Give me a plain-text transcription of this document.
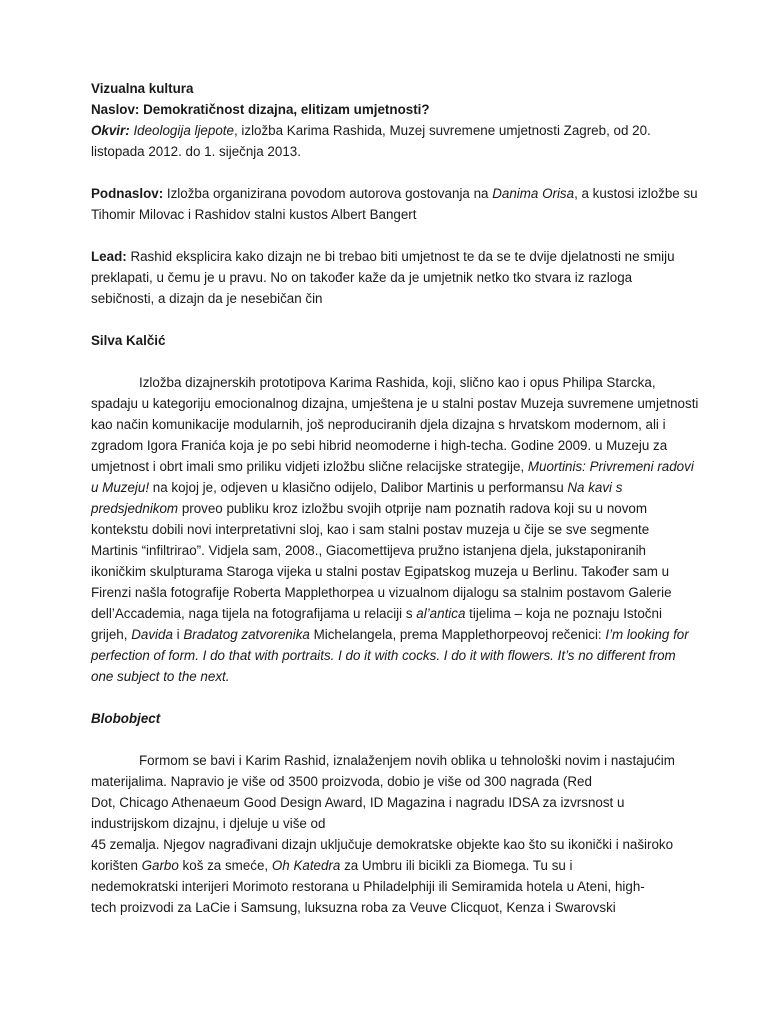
Vizualna kultura

Naslov: Demokratičnost dizajna, elitizam umjetnosti?

Okvir: Ideologija ljepote, izložba Karima Rashida, Muzej suvremene umjetnosti Zagreb, od 20.
listopada 2012. do 1. siječnja 2013.

Podnaslov: Izložba organizirana povodom autorova gostovanja na Danima Orisa, a kustosi izložbe su
Tihomir Milovac i Rashidov stalni kustos Albert Bangert

Lead: Rashid eksplicira kako dizajn ne bi trebao biti umjetnost te da se te dvije djelatnosti ne smiju
preklapati, u čemu je u pravu. No on također kaže da je umjetnik netko tko stvara iz razloga
sebičnosti, a dizajn da je nesebičan čin

Silva Kalčić

Izložba dizajnerskih prototipova Karima Rashida, koji, slično kao i opus Philipa Starcka,
spadaju u kategoriju emocionalnog dizajna, umještena je u stalni postav Muzeja suvremene umjetnosti
kao način komunikacije modularnih, još neproduciranih djela dizajna s hrvatskom modernom, ali i
zgradom Igora Franića koja je po sebi hibrid neomoderne i high-techa. Godine 2009. u Muzeju za
umjetnost i obrt imali smo priliku vidjeti izložbu slične relacijske strategije, Muortinis: Privremeni radovi
u Muzeju! na kojoj je, odjeven u klasično odijelo, Dalibor Martinis u performansu Na kavi s
predsjednikom proveo publiku kroz izložbu svojih otprije nam poznatih radova koji su u novom
kontekstu dobili novi interpretativni sloj, kao i sam stalni postav muzeja u čije se sve segmente
Martinis “infiltrirao”. Vidjela sam, 2008., Giacomettijeva pružno istanjena djela, jukstaponiranih
ikoničkim skulpturama Staroga vijeka u stalni postav Egipatskog muzeja u Berlinu. Također sam u
Firenzi našla fotografije Roberta Mapplethorpea u vizualnom dijalogu sa stalnim postavom Galerie
dell’Accademia, naga tijela na fotografijama u relaciji s al’antica tijelima – koja ne poznaju Istočni
grijeh, Davida i Bradatog zatvorenika Michelangela, prema Mapplethorpeovoj rečenici: I’m looking for
perfection of form. I do that with portraits. I do it with cocks. I do it with flowers. It’s no different from
one subject to the next.

Blobobject

Formom se bavi i Karim Rashid, iznalaženjem novih oblika u tehnološki novim i nastajućim
materijalima. Napravio je više od 3500 proizvoda, dobio je više od 300 nagrada (Red
Dot, Chicago Athenaeum Good Design Award, ID Magazina i nagradu IDSA za izvrsnost u
industrijskom dizajnu, i djeluje u više od
45 zemalja. Njegov nagrađivani dizajn uključuje demokratske objekte kao što su ikonički i naširoko
korišten Garbo koš za smeće, Oh Katedra za Umbru ili bicikli za Biomega. Tu su i
nedemokratski interijeri Morimoto restorana u Philadelphiji ili Semiramida hotela u Ateni, high-
tech proizvodi za LaCie i Samsung, luksuzna roba za Veuve Clicquot, Kenza i Swarovski
